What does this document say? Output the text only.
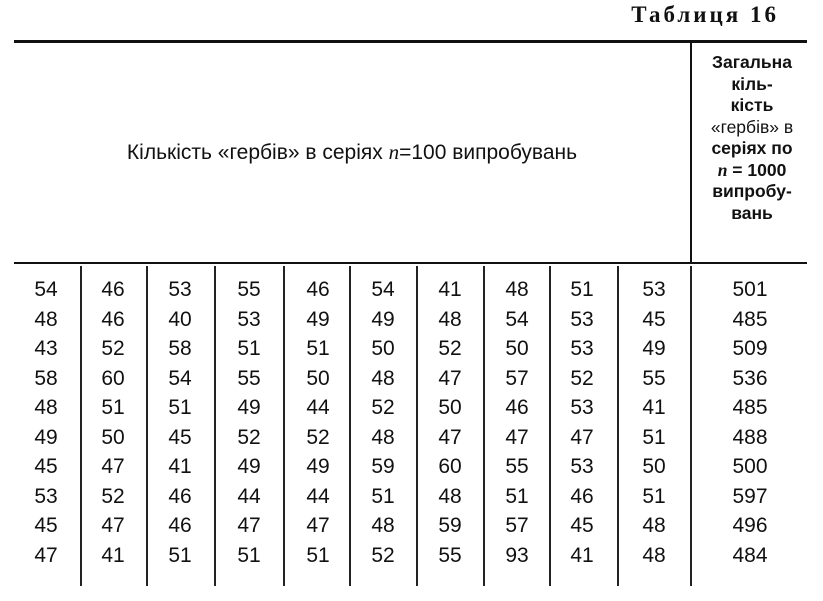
Таблиця 16
Кількість «гербів» в серіях n=100 випробувань
Загальна
кіль-
кість
«гербів» в
серіях по
n = 1000
випробу-
вань
54	46	53	55	46	54	41	48	51	53	501
48	46	40	53	49	49	48	54	53	45	485
43	52	58	51	51	50	52	50	53	49	509
58	60	54	55	50	48	47	57	52	55	536
48	51	51	49	44	52	50	46	53	41	485
49	50	45	52	52	48	47	47	47	51	488
45	47	41	49	49	59	60	55	53	50	500
53	52	46	44	44	51	48	51	46	51	597
45	47	46	47	47	48	59	57	45	48	496
47	41	51	51	51	52	55	93	41	48	484
